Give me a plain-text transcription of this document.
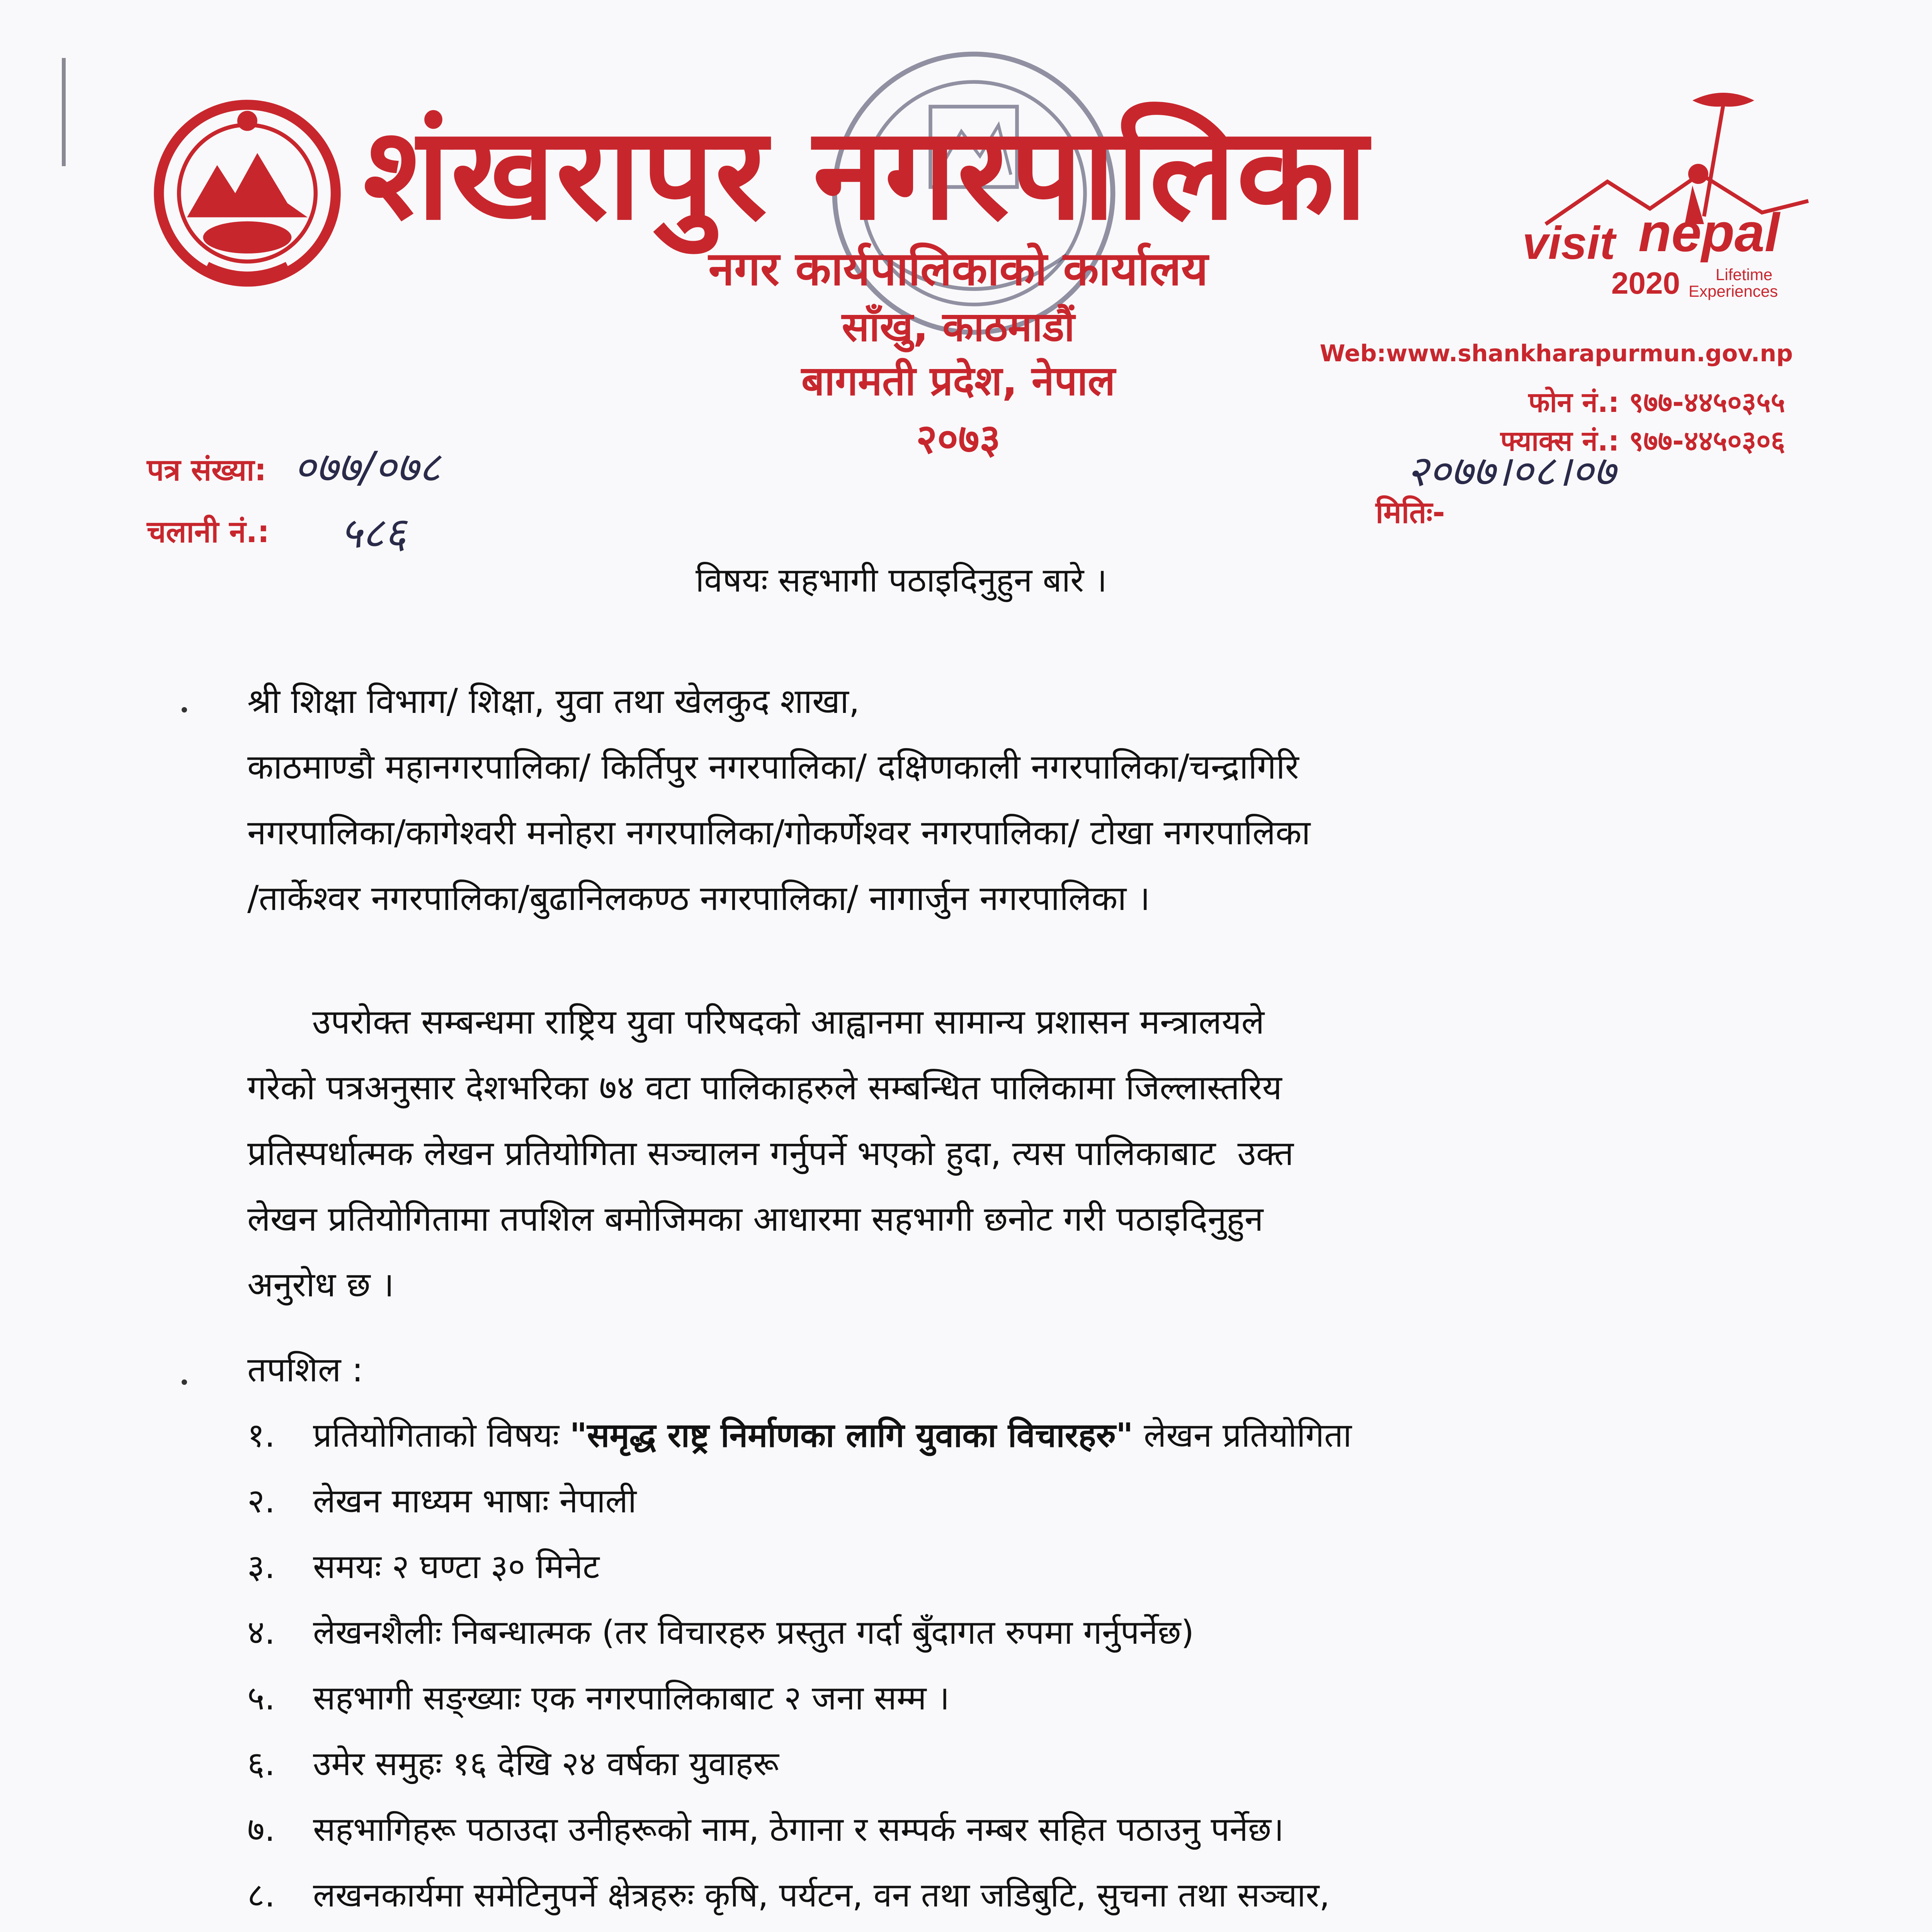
शंखरापुर नगरपालिका
नगर कार्यपालिकाको कार्यालय
साँखु, काठमाडौं
बागमती प्रदेश, नेपाल
२०७३
visit nepal
2020 Lifetime
Experiences
Web:www.shankharapurmun.gov.np
फोन नं.: ९७७-४४५०३५५
फ्याक्स नं.: ९७७-४४५०३०६
पत्र संख्या: ०७७/०७८
चलानी नं.: ५८६
२०७७।०८।०७
मितिः-
विषयः सहभागी पठाइदिनुहुन बारे ।
श्री शिक्षा विभाग/ शिक्षा, युवा तथा खेलकुद शाखा,
काठमाण्डौ महानगरपालिका/ किर्तिपुर नगरपालिका/ दक्षिणकाली नगरपालिका/चन्द्रागिरि
नगरपालिका/कागेश्वरी मनोहरा नगरपालिका/गोकर्णेश्वर नगरपालिका/ टोखा नगरपालिका
/तार्केश्वर नगरपालिका/बुढानिलकण्ठ नगरपालिका/ नागार्जुन नगरपालिका ।
उपरोक्त सम्बन्धमा राष्ट्रिय युवा परिषदको आह्वानमा सामान्य प्रशासन मन्त्रालयले
गरेको पत्रअनुसार देशभरिका ७४ वटा पालिकाहरुले सम्बन्धित पालिकामा जिल्लास्तरिय
प्रतिस्पर्धात्मक लेखन प्रतियोगिता सञ्चालन गर्नुपर्ने भएको हुदा, त्यस पालिकाबाट  उक्त
लेखन प्रतियोगितामा तपशिल बमोजिमका आधारमा सहभागी छनोट गरी पठाइदिनुहुन
अनुरोध छ ।
तपशिल :
१.	प्रतियोगिताको विषयः "समृद्ध राष्ट्र निर्माणका लागि युवाका विचारहरु" लेखन प्रतियोगिता
२.	लेखन माध्यम भाषाः नेपाली
३.	समयः २ घण्टा ३० मिनेट
४.	लेखनशैलीः निबन्धात्मक (तर विचारहरु प्रस्तुत गर्दा बुँदागत रुपमा गर्नुपर्नेछ)
५.	सहभागी सङ्ख्याः एक नगरपालिकाबाट २ जना सम्म ।
६.	उमेर समुहः १६ देखि २४ वर्षका युवाहरू
७.	सहभागिहरू पठाउदा उनीहरूको नाम, ठेगाना र सम्पर्क नम्बर सहित पठाउनु पर्नेछ।
८.	लखनकार्यमा समेटिनुपर्ने क्षेत्रहरुः कृषि, पर्यटन, वन तथा जडिबुटि, सुचना तथा सञ्चार,
